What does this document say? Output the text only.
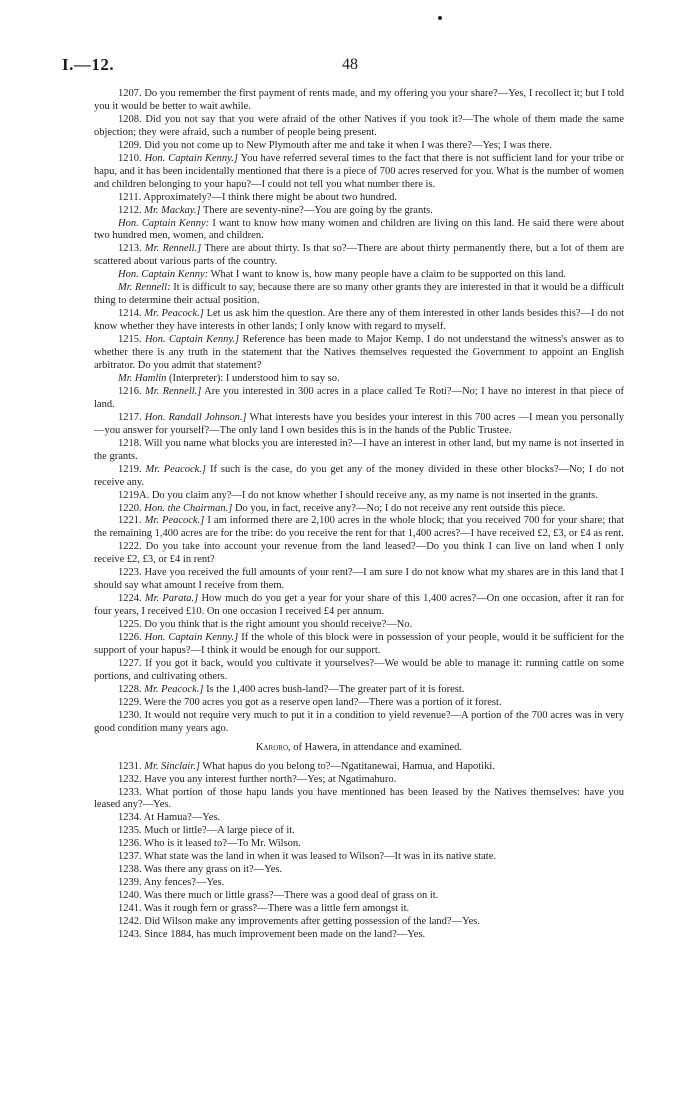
I.—12.	48

1207. Do you remember the first payment of rents made, and my offering you your share?—Yes, I recollect it; but I told you it would be better to wait awhile.

1208. Did you not say that you were afraid of the other Natives if you took it?—The whole of them made the same objection; they were afraid, such a number of people being present.

1209. Did you not come up to New Plymouth after me and take it when I was there?—Yes; I was there.

1210. Hon. Captain Kenny.] You have referred several times to the fact that there is not sufficient land for your tribe or hapu, and it has been incidentally mentioned that there is a piece of 700 acres reserved for you. What is the number of women and children belonging to your hapu?—I could not tell you what number there is.

1211. Approximately?—I think there might be about two hundred.

1212. Mr. Mackay.] There are seventy-nine?—You are going by the grants.

Hon. Captain Kenny: I want to know how many women and children are living on this land. He said there were about two hundred men, women, and children.

1213. Mr. Rennell.] There are about thirty. Is that so?—There are about thirty permanently there, but a lot of them are scattered about various parts of the country.

Hon. Captain Kenny: What I want to know is, how many people have a claim to be supported on this land.

Mr. Rennell: It is difficult to say, because there are so many other grants they are interested in that it would be a difficult thing to determine their actual position.

1214. Mr. Peacock.] Let us ask him the question. Are there any of them interested in other lands besides this?—I do not know whether they have interests in other lands; I only know with regard to myself.

1215. Hon. Captain Kenny.] Reference has been made to Major Kemp. I do not understand the witness's answer as to whether there is any truth in the statement that the Natives themselves requested the Government to appoint an English arbitrator. Do you admit that statement?

Mr. Hamlin (Interpreter): I understood him to say so.

1216. Mr. Rennell.] Are you interested in 300 acres in a place called Te Roti?—No; I have no interest in that piece of land.

1217. Hon. Randall Johnson.] What interests have you besides your interest in this 700 acres —I mean you personally—you answer for yourself?—The only land I own besides this is in the hands of the Public Trustee.

1218. Will you name what blocks you are interested in?—I have an interest in other land, but my name is not inserted in the grants.

1219. Mr. Peacock.] If such is the case, do you get any of the money divided in these other blocks?—No; I do not receive any.

1219A. Do you claim any?—I do not know whether I should receive any, as my name is not inserted in the grants.

1220. Hon. the Chairman.] Do you, in fact, receive any?—No; I do not receive any rent outside this piece.

1221. Mr. Peacock.] I am informed there are 2,100 acres in the whole block; that you received 700 for your share; that the remaining 1,400 acres are for the tribe: do you receive the rent for that 1,400 acres?—I have received £2, £3, or £4 as rent.

1222. Do you take into account your revenue from the land leased?—Do you think I can live on land when I only receive £2, £3, or £4 in rent?

1223. Have you received the full amounts of your rent?—I am sure I do not know what my shares are in this land that I should say what amount I receive from them.

1224. Mr. Parata.] How much do you get a year for your share of this 1,400 acres?—On one occasion, after it ran for four years, I received £10. On one occasion I received £4 per annum.

1225. Do you think that is the right amount you should receive?—No.

1226. Hon. Captain Kenny.] If the whole of this block were in possession of your people, would it be sufficient for the support of your hapus?—I think it would be enough for our support.

1227. If you got it back, would you cultivate it yourselves?—We would be able to manage it: running cattle on some portions, and cultivating others.

1228. Mr. Peacock.] Is the 1,400 acres bush-land?—The greater part of it is forest.

1229. Were the 700 acres you got as a reserve open land?—There was a portion of it forest.

1230. It would not require very much to put it in a condition to yield revenue?—A portion of the 700 acres was in very good condition many years ago.

Karoro, of Hawera, in attendance and examined.

1231. Mr. Sinclair.] What hapus do you belong to?—Ngatitanewai, Hamua, and Hapotiki.

1232. Have you any interest further north?—Yes; at Ngatimahuro.

1233. What portion of those hapu lands you have mentioned has been leased by the Natives themselves: have you leased any?—Yes.

1234. At Hamua?—Yes.

1235. Much or little?—A large piece of it.

1236. Who is it leased to?—To Mr. Wilson.

1237. What state was the land in when it was leased to Wilson?—It was in its native state.

1238. Was there any grass on it?—Yes.

1239. Any fences?—Yes.

1240. Was there much or little grass?—There was a good deal of grass on it.

1241. Was it rough fern or grass?—There was a little fern amongst it.

1242. Did Wilson make any improvements after getting possession of the land?—Yes.

1243. Since 1884, has much improvement been made on the land?—Yes.
